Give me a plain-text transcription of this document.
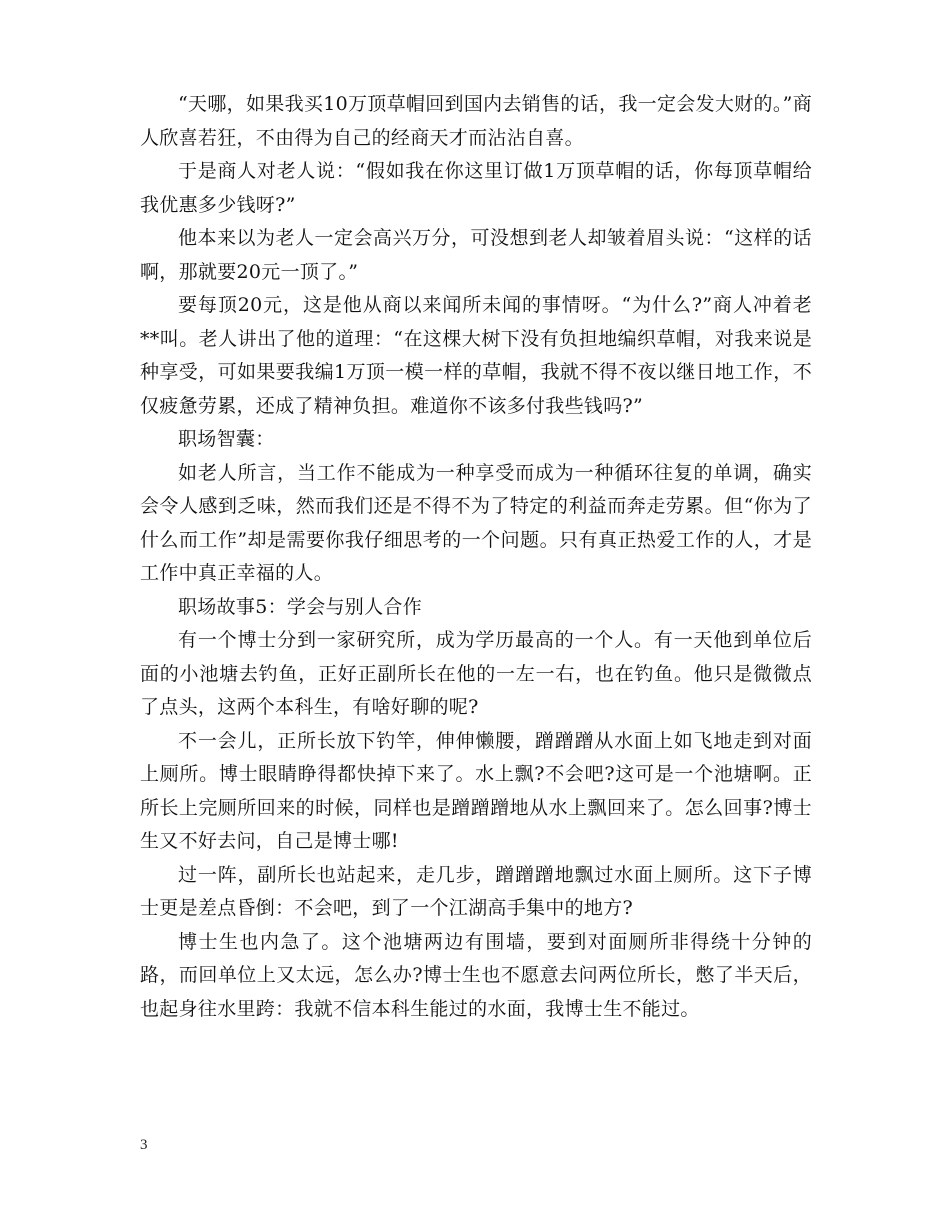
“天哪，如果我买10万顶草帽回到国内去销售的话，我一定会发大财的。”商人欣喜若狂，不由得为自己的经商天才而沾沾自喜。

于是商人对老人说：“假如我在你这里订做1万顶草帽的话，你每顶草帽给我优惠多少钱呀?”

他本来以为老人一定会高兴万分，可没想到老人却皱着眉头说：“这样的话啊，那就要20元一顶了。”

要每顶20元，这是他从商以来闻所未闻的事情呀。“为什么?”商人冲着老**叫。老人讲出了他的道理：“在这棵大树下没有负担地编织草帽，对我来说是种享受，可如果要我编1万顶一模一样的草帽，我就不得不夜以继日地工作，不仅疲惫劳累，还成了精神负担。难道你不该多付我些钱吗?”

职场智囊：

如老人所言，当工作不能成为一种享受而成为一种循环往复的单调，确实会令人感到乏味，然而我们还是不得不为了特定的利益而奔走劳累。但“你为了什么而工作”却是需要你我仔细思考的一个问题。只有真正热爱工作的人，才是工作中真正幸福的人。

职场故事5：学会与别人合作

有一个博士分到一家研究所，成为学历最高的一个人。有一天他到单位后面的小池塘去钓鱼，正好正副所长在他的一左一右，也在钓鱼。他只是微微点了点头，这两个本科生，有啥好聊的呢?

不一会儿，正所长放下钓竿，伸伸懒腰，蹭蹭蹭从水面上如飞地走到对面上厕所。博士眼睛睁得都快掉下来了。水上飘?不会吧?这可是一个池塘啊。正所长上完厕所回来的时候，同样也是蹭蹭蹭地从水上飘回来了。怎么回事?博士生又不好去问，自己是博士哪!

过一阵，副所长也站起来，走几步，蹭蹭蹭地飘过水面上厕所。这下子博士更是差点昏倒：不会吧，到了一个江湖高手集中的地方?

博士生也内急了。这个池塘两边有围墙，要到对面厕所非得绕十分钟的路，而回单位上又太远，怎么办?博士生也不愿意去问两位所长，憋了半天后，也起身往水里跨：我就不信本科生能过的水面，我博士生不能过。

3
